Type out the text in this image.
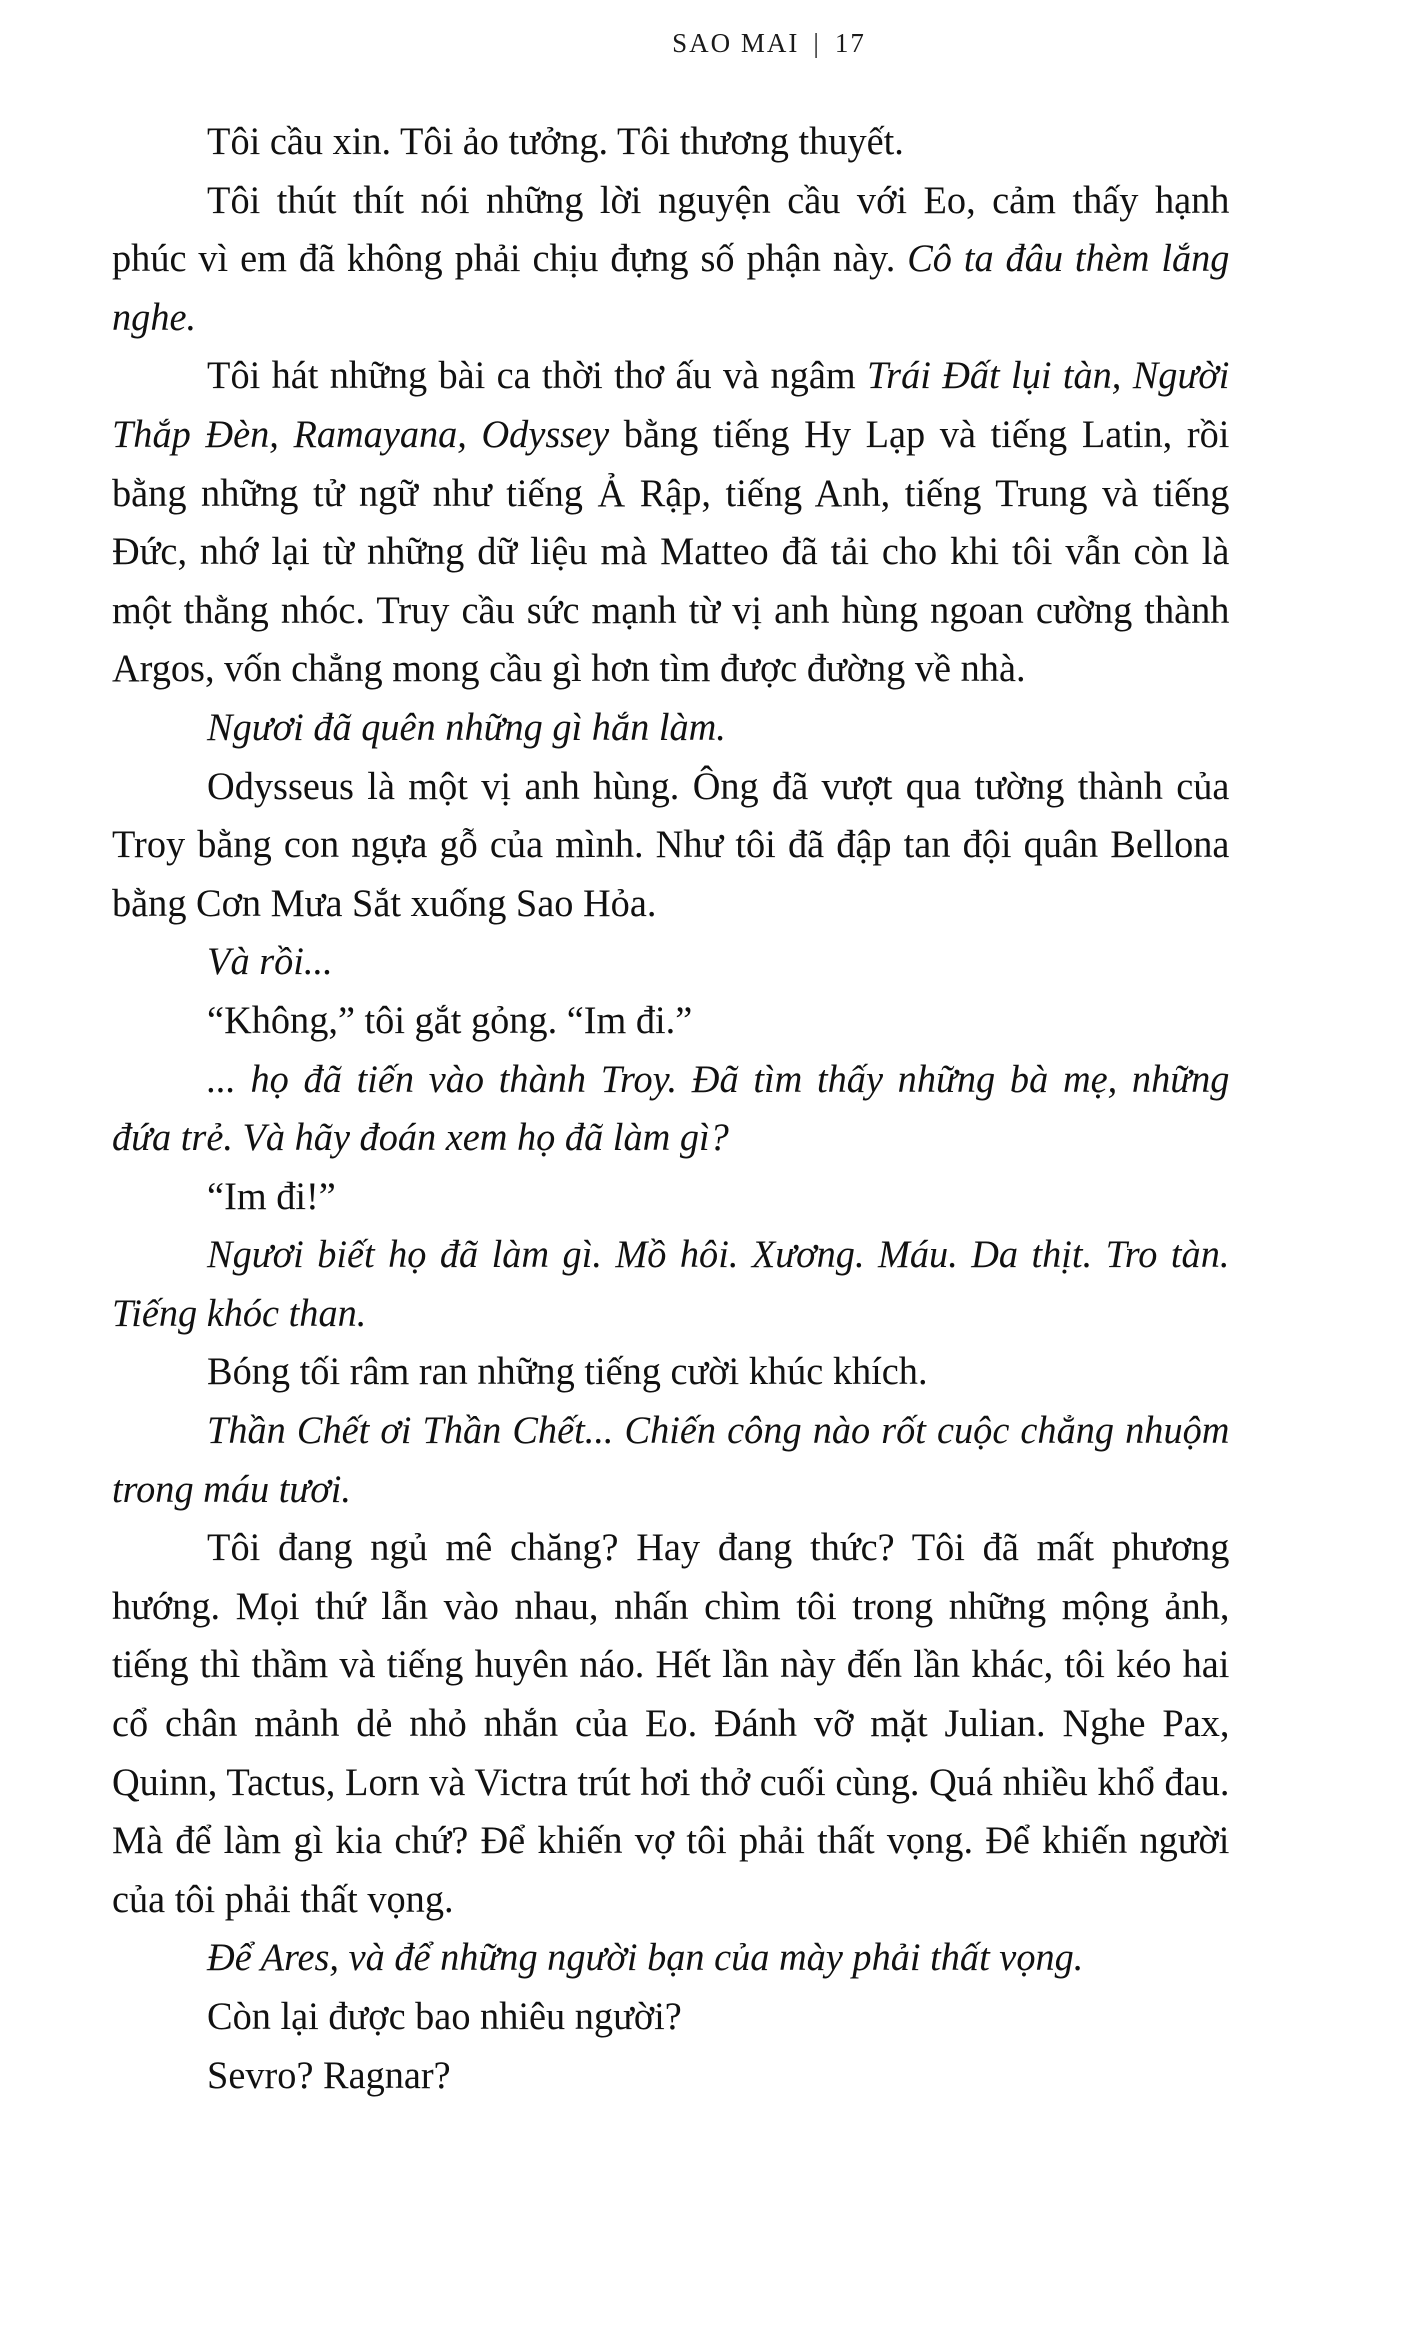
SAO MAI | 17

Tôi cầu xin. Tôi ảo tưởng. Tôi thương thuyết.

Tôi thút thít nói những lời nguyện cầu với Eo, cảm thấy hạnh phúc vì em đã không phải chịu đựng số phận này. Cô ta đâu thèm lắng nghe.

Tôi hát những bài ca thời thơ ấu và ngâm Trái Đất lụi tàn, Người Thắp Đèn, Ramayana, Odyssey bằng tiếng Hy Lạp và tiếng Latin, rồi bằng những tử ngữ như tiếng Ả Rập, tiếng Anh, tiếng Trung và tiếng Đức, nhớ lại từ những dữ liệu mà Matteo đã tải cho khi tôi vẫn còn là một thằng nhóc. Truy cầu sức mạnh từ vị anh hùng ngoan cường thành Argos, vốn chẳng mong cầu gì hơn tìm được đường về nhà.

Ngươi đã quên những gì hắn làm.

Odysseus là một vị anh hùng. Ông đã vượt qua tường thành của Troy bằng con ngựa gỗ của mình. Như tôi đã đập tan đội quân Bellona bằng Cơn Mưa Sắt xuống Sao Hỏa.

Và rồi...

“Không,” tôi gắt gỏng. “Im đi.”

... họ đã tiến vào thành Troy. Đã tìm thấy những bà mẹ, những đứa trẻ. Và hãy đoán xem họ đã làm gì?

“Im đi!”

Ngươi biết họ đã làm gì. Mồ hôi. Xương. Máu. Da thịt. Tro tàn. Tiếng khóc than.

Bóng tối râm ran những tiếng cười khúc khích.

Thần Chết ơi Thần Chết... Chiến công nào rốt cuộc chẳng nhuộm trong máu tươi.

Tôi đang ngủ mê chăng? Hay đang thức? Tôi đã mất phương hướng. Mọi thứ lẫn vào nhau, nhấn chìm tôi trong những mộng ảnh, tiếng thì thầm và tiếng huyên náo. Hết lần này đến lần khác, tôi kéo hai cổ chân mảnh dẻ nhỏ nhắn của Eo. Đánh vỡ mặt Julian. Nghe Pax, Quinn, Tactus, Lorn và Victra trút hơi thở cuối cùng. Quá nhiều khổ đau. Mà để làm gì kia chứ? Để khiến vợ tôi phải thất vọng. Để khiến người của tôi phải thất vọng.

Để Ares, và để những người bạn của mày phải thất vọng.

Còn lại được bao nhiêu người?

Sevro? Ragnar?
